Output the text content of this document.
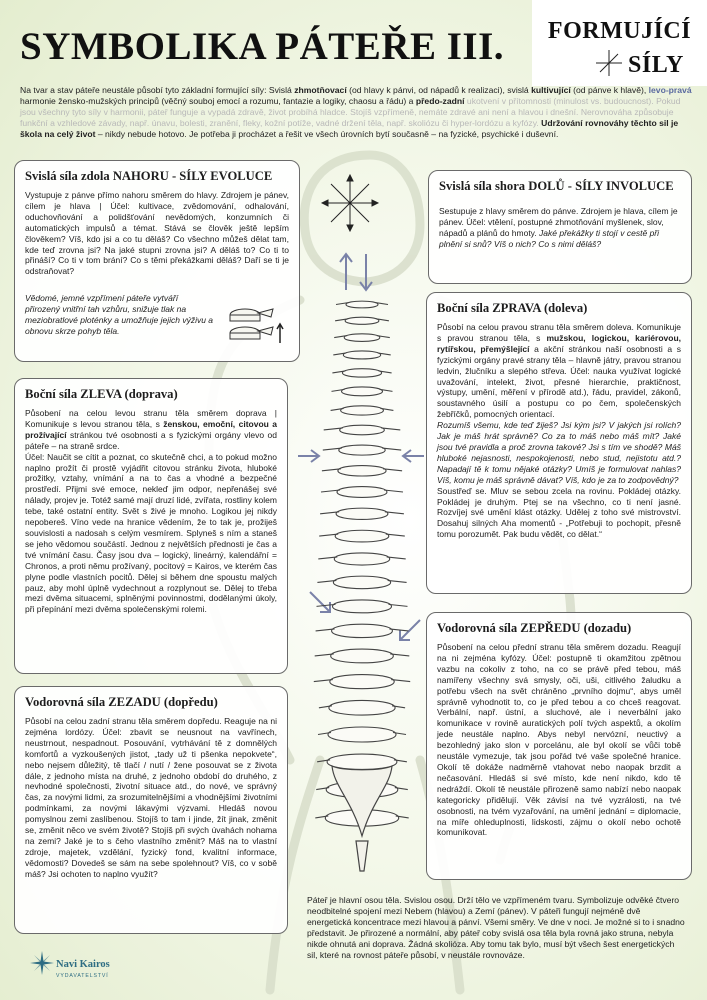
SYMBOLIKA PÁTEŘE III.	FORMUJÍCÍ
SÍLY

Na tvar a stav páteře neustále působí tyto základní formující síly: Svislá zhmotňovací (od hlavy k pánvi, od nápadů k realizaci), svislá kultivující (od pánve k hlavě), levo-pravá harmonie žensko-mužských principů (věčný souboj emocí a rozumu, fantazie a logiky, chaosu a řádu) a předo-zadní ukotvení v přítomnosti (minulost vs. budoucnost). Pokud jsou všechny tyto síly v harmonii, páteř funguje a vypadá zdravě, život probíhá hladce. Stojíš vzpřímeně, nemáte zdravé ani není a hlavou i dnešní. Nerovnováha způsobuje funkční a vzhledové závady, např. únavu, bolesti, zranění, fleky, kožní potíže, vadné držení těla, např. skoliózu či hyper-lordózu a kyfózy. Udržování rovnováhy těchto sil je škola na celý život – nikdy nebude hotovo. Je potřeba ji procházet a řešit ve všech úrovních bytí současně – na fyzické, psychické i duševní.

Svislá síla zdola NAHORU - SÍLY EVOLUCE

Vystupuje z pánve přímo nahoru směrem do hlavy. Zdrojem je pánev, cílem je hlava | Účel: kultivace, zvědomování, odhalování, oduchovňování a polidšťování nevědomých, konzumních či automatických impulsů a témat. Stává se člověk ještě lepším člověkem? Víš, kdo jsi a co tu děláš? Co všechno můžeš dělat tam, kde teď zrovna jsi? Na jaké stupni zrovna jsi? A děláš to? Co ti to přináší? Co ti v tom brání? Co s těmi překážkami děláš? Daří se ti je odstraňovat?

Vědomé, jemné vzpřímení páteře vytváří přirozený vnitřní tah vzhůru, snižuje tlak na meziobratlové ploténky a umožňuje jejich výživu a obnovu skrze pohyb těla.

Svislá síla shora DOLŮ - SÍLY INVOLUCE

Sestupuje z hlavy směrem do pánve. Zdrojem je hlava, cílem je pánev. Účel: vtělení, postupné zhmotňování myšlenek, slov, nápadů a plánů do hmoty. Jaké překážky ti stojí v cestě při plnění si snů? Víš o nich? Co s nimi děláš?

Boční síla ZPRAVA (doleva)

Působí na celou pravou stranu těla směrem doleva. Komunikuje s pravou stranou těla, s mužskou, logickou, kariérovou, rytířskou, přemýšlející a akční stránkou naší osobnosti a s fyzickými orgány pravé strany těla – hlavně játry, pravou stranou ledvin, žlučníku a slepého střeva. Účel: nauka využívat logické uvažování, intelekt, život, přesné hierarchie, praktičnost, výstupy, umění, měření v přírodě atd.), řádu, pravidel, zákonů, soustavného úsilí a postupu co po čem, společenských žebříčků, pomocných orientací.

Rozumíš všemu, kde teď žiješ? Jsi kým jsi? V jakých jsi rolích? Jak je máš hrát správně? Co za to máš nebo máš mít? Jaké jsou tvé pravidla a proč zrovna takové? Jsi s tím ve shodě? Máš hluboké nejasnosti, nespokojenosti, nebo stud, nejistotu atd.? Napadají tě k tomu nějaké otázky? Umíš je formulovat nahlas? Víš, komu je máš správně dávat? Víš, kdo je za to zodpovědný?

Soustřeď se. Mluv se sebou zcela na rovinu. Pokládej otázky. Pokládej je druhým. Ptej se na všechno, co ti není jasné. Rozvíjej své umění klást otázky. Udělej z toho své mistrovství. Dosahuj silných Aha momentů - „Potřebuji to pochopit, přesně tomu porozumět. Pak budu vědět, co dělat.“

Boční síla ZLEVA (doprava)

Působení na celou levou stranu těla směrem doprava | Komunikuje s levou stranou těla, s ženskou, emoční, citovou a prožívající stránkou tvé osobnosti a s fyzickými orgány vlevo od páteře – na straně srdce.

Účel: Naučit se cítit a poznat, co skutečně chci, a to pokud možno naplno prožít či prostě vyjádřit citovou stránku života, hluboké prožitky, vztahy, vnímání a na to čas a vhodné a bezpečné prostředí. Přijmi své emoce, nekleď jim odpor, nepřenášej své nálady, projev je. Totéž samé mají druzí lidé, zvířata, rostliny kolem tebe, také ostatní entity. Svět s živé je mnoho. Logikou jej nikdy nepobereš. Víno vede na hranice vědením, že to tak je, prožiješ souvislosti a nadosah s celým vesmírem. Splyneš s ním a staneš se jeho vědomou součástí. Jednou z největších přednosti je čas a tvé vnímání času. Časy jsou dva – logický, lineárný, kalendářní = Chronos, a proti němu prožívaný, pocitový = Kairos, ve kterém čas plyne podle vlastních pocitů. Dělej si během dne spoustu malých pauz, aby mohl úplně vydechnout a rozplynout se. Dělej to třeba mezi dvěma situacemi, splněnými povinnostmi, dodělanými úkoly, při přepínání mezi dvěma společenskými rolemi.

Vodorovná síla ZEPŘEDU (dozadu)

Působení na celou přední stranu těla směrem dozadu. Reagují na ni zejména kyfózy. Účel: postupně ti okamžitou zpětnou vazbu na cokoliv z toho, na co se právě před tebou, máš namířeny všechny svá smysly, oči, uši, citlivého žaludku a potřebu všech na svět chráněno „prvního dojmu“, abys uměl správně vyhodnotit to, co je před tebou a co chceš reagovat. Verbální, např. ústní, a sluchové, ale i neverbální jako komunikace v rovině auratických polí tvých aspektů, a okolím jede neustále naplno. Abys nebyl nervózní, neuctivý a bezohledný jako slon v porcelánu, ale byl okolí se vůči tobě neustále vymezuje, tak jsou pořád tvé vaše společné hranice. Okolí tě dokáže nadměrně vtahovat nebo naopak brzdit a nečasování. Hledáš si své místo, kde není nikdo, kdo tě nedráždí. Okolí tě neustále přirozeně samo nabízí nebo naopak kategoricky přidělují. Věk závisí na tvé vyzrálosti, na tvé osobnosti, na tvém vyzařování, na umění jednání = diplomacie, na míře ohleduplnosti, lidskosti, zájmu o okolí nebo ochotě komunikovat.

Vodorovná síla ZEZADU (dopředu)

Působí na celou zadní stranu těla směrem dopředu. Reaguje na ni zejména lordózy. Účel: zbavit se neusnout na vavřínech, neustrnout, nespadnout. Posouvání, vytrhávání tě z domnělých komfortů a vyzkoušených jistot, „tady už ti pšenka nepokvete“, nebo nejsem důležitý, tě tlačí / nutí / žene posouvat se z života dále, z jednoho místa na druhé, z jednoho období do druhého, z nevhodné společnosti, životní situace atd., do nové, ve správný čas, za novými lidmi, za srozumitelnějšími a vhodnějšími životními podmínkami, za novými lákavými výzvami. Hledáš novou pomyslnou zemi zaslíbenou. Stojíš to tam i jinde, žít jinak, změnit se, změnit něco ve svém životě? Stojíš při svých úvahách nohama na zemi? Jaké je to s čeho vlastního změnit? Máš na to vlastní zdroje, majetek, vzdělání, fyzický fond, kvalitní informace, vědomosti? Dovedeš se sám na sebe spolehnout? Víš, co v sobě máš? Jsi ochoten to naplno využít?

Páteř je hlavní osou těla. Svislou osou. Drží tělo ve vzpřímeném tvaru. Symbolizuje odvěké čtvero neodbitelné spojení mezi Nebem (hlavou) a Zemí (pánev). V páteři fungují nejméně dvě energetická koncentrace mezi hlavou a pánví. Všemi směry. Ve dne v noci. Je možné si to i snadno představit. Je přirozené a normální, aby páteř coby svislá osa těla byla rovná jako struna, nebyla nikde ohnutá ani doprava. Žádná skolióza. Aby tomu tak bylo, musí být všech šest energetických sil, které na rovnost páteře působí, v neustále rovnováze.

Navi Kairos
VYDAVATELSTVÍ
